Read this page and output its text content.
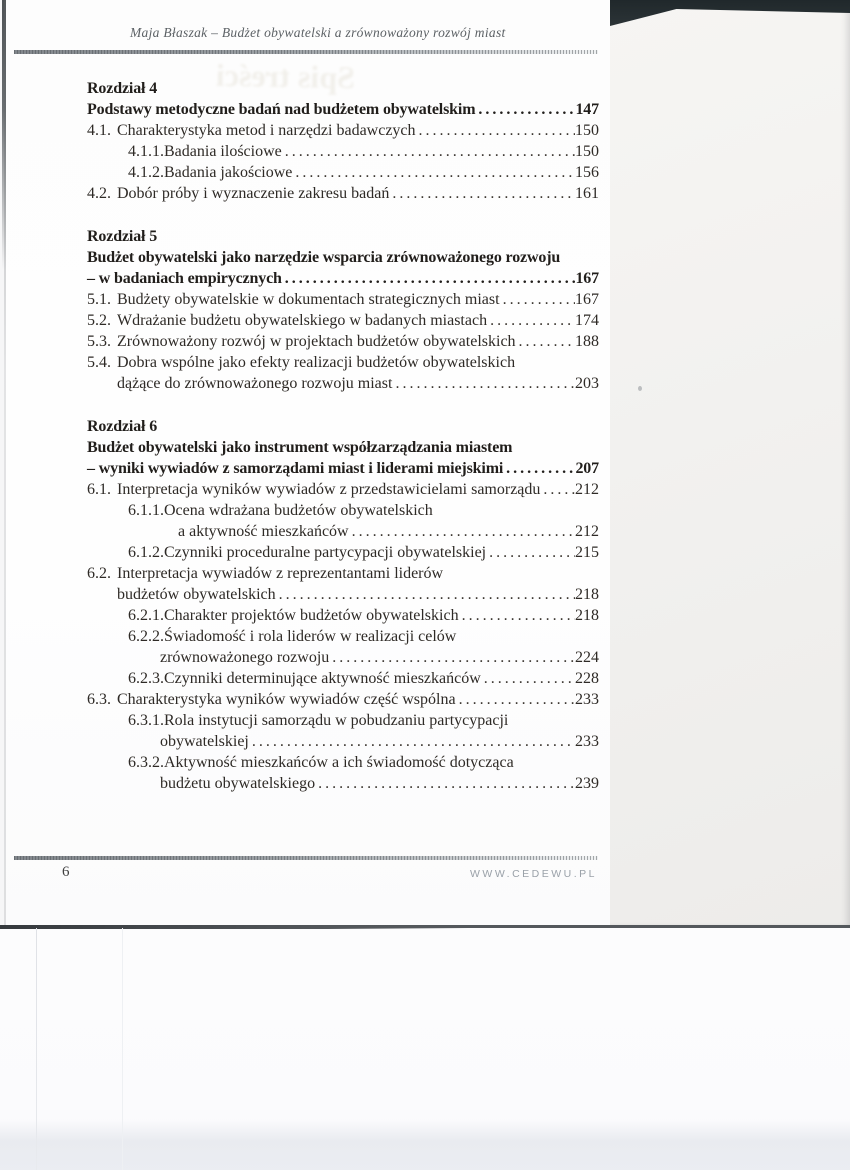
Maja Błaszak – Budżet obywatelski a zrównoważony rozwój miast
Spis treści
Rozdział 4
Podstawy metodyczne badań nad budżetem obywatelskim .....	147
4.1. Charakterystyka metod i narzędzi badawczych .....	150
4.1.1. Badania ilościowe .....	150
4.1.2. Badania jakościowe .....	156
4.2. Dobór próby i wyznaczenie zakresu badań .....	161
Rozdział 5
Budżet obywatelski jako narzędzie wsparcia zrównoważonego rozwoju
– w badaniach empirycznych .....	167
5.1. Budżety obywatelskie w dokumentach strategicznych miast .....	167
5.2. Wdrażanie budżetu obywatelskiego w badanych miastach .....	174
5.3. Zrównoważony rozwój w projektach budżetów obywatelskich .....	188
5.4. Dobra wspólne jako efekty realizacji budżetów obywatelskich
dążące do zrównoważonego rozwoju miast .....	203
Rozdział 6
Budżet obywatelski jako instrument współzarządzania miastem
– wyniki wywiadów z samorządami miast i liderami miejskimi .....	207
6.1. Interpretacja wyników wywiadów z przedstawicielami samorządu ..... 212
6.1.1. Ocena wdrażana budżetów obywatelskich
a aktywność mieszkańców .....	212
6.1.2. Czynniki proceduralne partycypacji obywatelskiej .....	215
6.2. Interpretacja wywiadów z reprezentantami liderów
budżetów obywatelskich .....	218
6.2.1. Charakter projektów budżetów obywatelskich .....	218
6.2.2. Świadomość i rola liderów w realizacji celów
zrównoważonego rozwoju .....	224
6.2.3. Czynniki determinujące aktywność mieszkańców .....	228
6.3. Charakterystyka wyników wywiadów część wspólna .....	233
6.3.1. Rola instytucji samorządu w pobudzaniu partycypacji
obywatelskiej .....	233
6.3.2. Aktywność mieszkańców a ich świadomość dotycząca
budżetu obywatelskiego .....	239
6	WWW.CEDEWU.PL
